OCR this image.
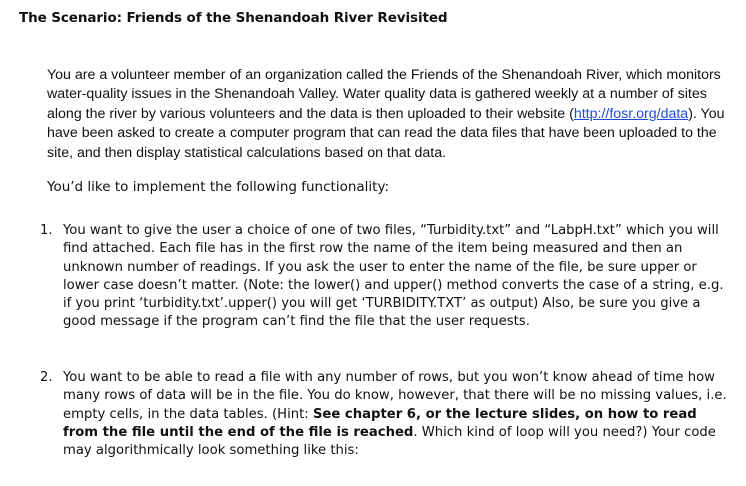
The Scenario: Friends of the Shenandoah River Revisited

You are a volunteer member of an organization called the Friends of the Shenandoah River, which monitors water-quality issues in the Shenandoah Valley. Water quality data is gathered weekly at a number of sites along the river by various volunteers and the data is then uploaded to their website (http://fosr.org/data). You have been asked to create a computer program that can read the data files that have been uploaded to the site, and then display statistical calculations based on that data.

You’d like to implement the following functionality:

1. You want to give the user a choice of one of two files, “Turbidity.txt” and “LabpH.txt” which you will find attached. Each file has in the first row the name of the item being measured and then an unknown number of readings. If you ask the user to enter the name of the file, be sure upper or lower case doesn’t matter. (Note: the lower() and upper() method converts the case of a string, e.g. if you print ‘turbidity.txt’.upper() you will get ‘TURBIDITY.TXT’ as output) Also, be sure you give a good message if the program can’t find the file that the user requests.
2. You want to be able to read a file with any number of rows, but you won’t know ahead of time how many rows of data will be in the file. You do know, however, that there will be no missing values, i.e. empty cells, in the data tables. (Hint: See chapter 6, or the lecture slides, on how to read from the file until the end of the file is reached. Which kind of loop will you need?) Your code may algorithmically look something like this:
